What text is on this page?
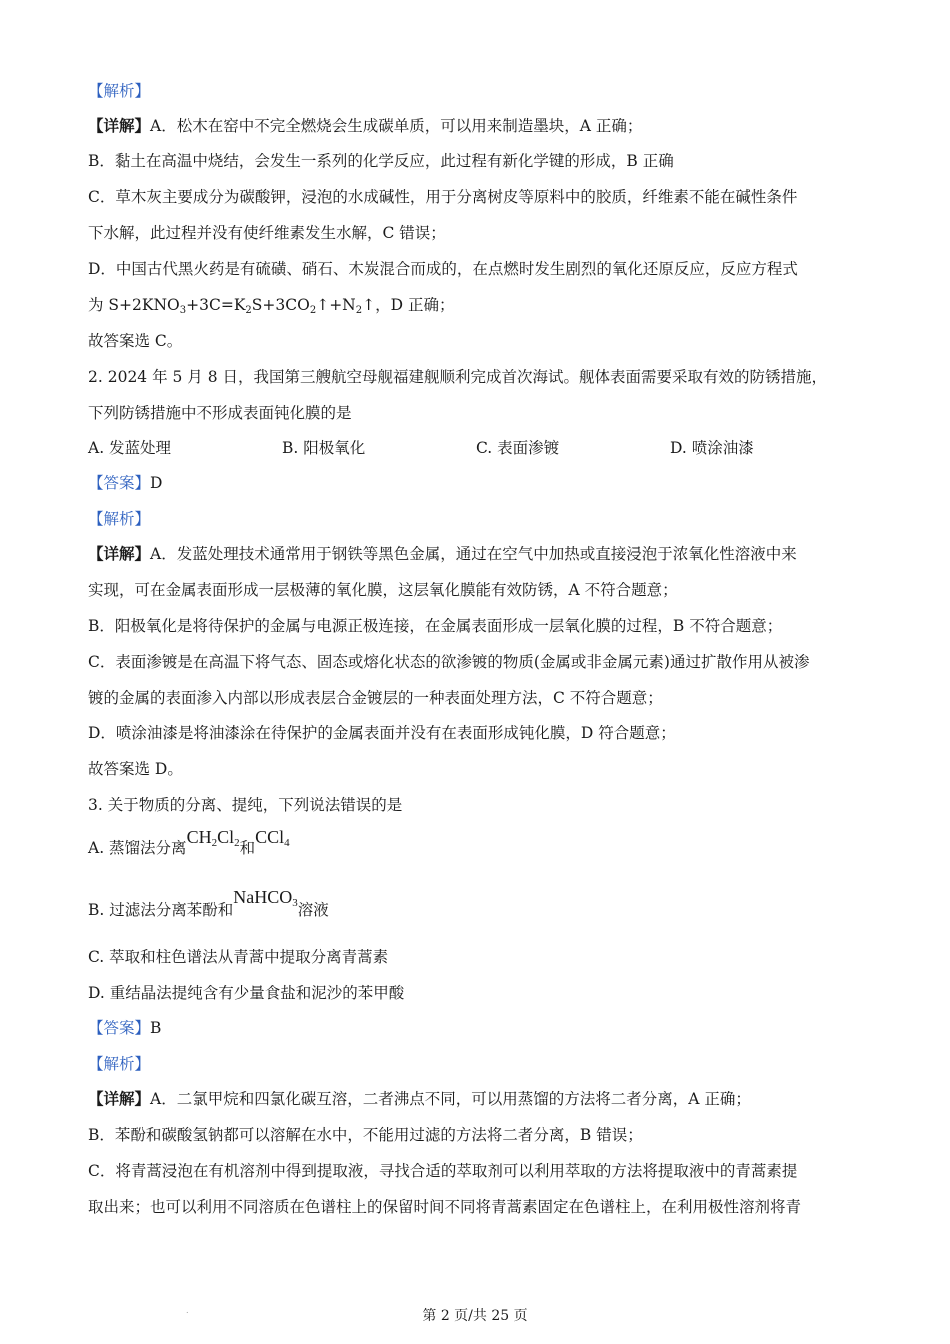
【解析】
【详解】A．松木在窑中不完全燃烧会生成碳单质，可以用来制造墨块，A 正确；
B．黏土在高温中烧结，会发生一系列的化学反应，此过程有新化学键的形成，B 正确
C．草木灰主要成分为碳酸钾，浸泡的水成碱性，用于分离树皮等原料中的胶质，纤维素不能在碱性条件
下水解，此过程并没有使纤维素发生水解，C 错误；
D．中国古代黑火药是有硫磺、硝石、木炭混合而成的，在点燃时发生剧烈的氧化还原反应，反应方程式
为 S+2KNO3+3C=K2S+3CO2↑+N2↑，D 正确；
故答案选 C。
2. 2024 年 5 月 8 日，我国第三艘航空母舰福建舰顺利完成首次海试。舰体表面需要采取有效的防锈措施，
下列防锈措施中不形成表面钝化膜的是
A. 发蓝处理	B. 阳极氧化	C. 表面渗镀	D. 喷涂油漆
【答案】D
【解析】
【详解】A．发蓝处理技术通常用于钢铁等黑色金属，通过在空气中加热或直接浸泡于浓氧化性溶液中来
实现，可在金属表面形成一层极薄的氧化膜，这层氧化膜能有效防锈，A 不符合题意；
B．阳极氧化是将待保护的金属与电源正极连接，在金属表面形成一层氧化膜的过程，B 不符合题意；
C．表面渗镀是在高温下将气态、固态或熔化状态的欲渗镀的物质(金属或非金属元素)通过扩散作用从被渗
镀的金属的表面渗入内部以形成表层合金镀层的一种表面处理方法，C 不符合题意；
D．喷涂油漆是将油漆涂在待保护的金属表面并没有在表面形成钝化膜，D 符合题意；
故答案选 D。
3. 关于物质的分离、提纯，下列说法错误的是
A. 蒸馏法分离$CH_2Cl_2$和CCl$_4$
B. 过滤法分离苯酚和NaHCO$_3$溶液
C. 萃取和柱色谱法从青蒿中提取分离青蒿素
D. 重结晶法提纯含有少量食盐和泥沙的苯甲酸
【答案】B
【解析】
【详解】A．二氯甲烷和四氯化碳互溶，二者沸点不同，可以用蒸馏的方法将二者分离，A 正确；
B．苯酚和碳酸氢钠都可以溶解在水中，不能用过滤的方法将二者分离，B 错误；
C．将青蒿浸泡在有机溶剂中得到提取液，寻找合适的萃取剂可以利用萃取的方法将提取液中的青蒿素提
取出来；也可以利用不同溶质在色谱柱上的保留时间不同将青蒿素固定在色谱柱上，在利用极性溶剂将青
.	第 2 页/共 25 页
